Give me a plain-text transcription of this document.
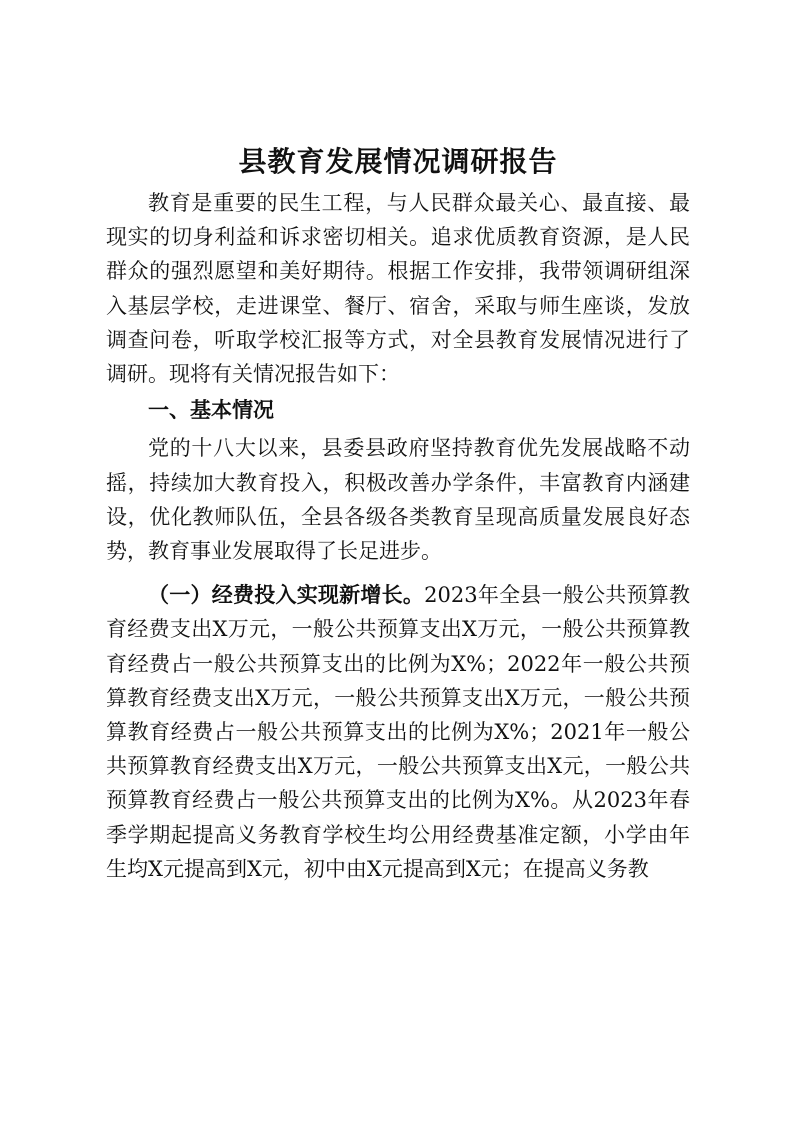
县教育发展情况调研报告

教育是重要的民生工程，与人民群众最关心、最直接、最现实的切身利益和诉求密切相关。追求优质教育资源，是人民群众的强烈愿望和美好期待。根据工作安排，我带领调研组深入基层学校，走进课堂、餐厅、宿舍，采取与师生座谈，发放调查问卷，听取学校汇报等方式，对全县教育发展情况进行了调研。现将有关情况报告如下：

一、基本情况

党的十八大以来，县委县政府坚持教育优先发展战略不动摇，持续加大教育投入，积极改善办学条件，丰富教育内涵建设，优化教师队伍，全县各级各类教育呈现高质量发展良好态势，教育事业发展取得了长足进步。

（一）经费投入实现新增长。2023年全县一般公共预算教育经费支出X万元，一般公共预算支出X万元，一般公共预算教育经费占一般公共预算支出的比例为X%；2022年一般公共预算教育经费支出X万元，一般公共预算支出X万元，一般公共预算教育经费占一般公共预算支出的比例为X%；2021年一般公共预算教育经费支出X万元，一般公共预算支出X元，一般公共预算教育经费占一般公共预算支出的比例为X%。从2023年春季学期起提高义务教育学校生均公用经费基准定额，小学由年生均X元提高到X元，初中由X元提高到X元；在提高义务教
